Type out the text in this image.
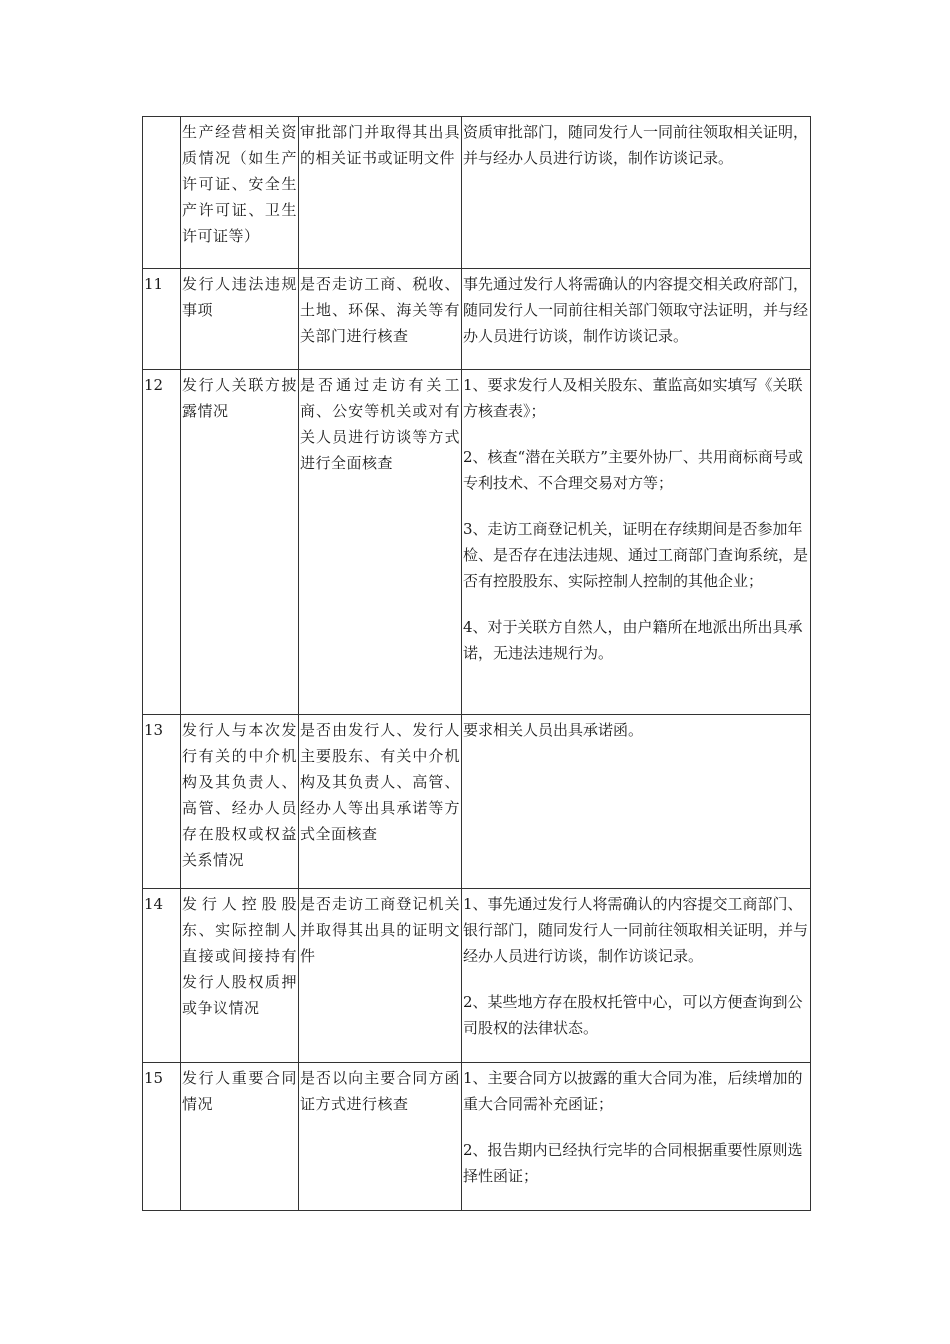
	生产经营相关资质情况（如生产许可证、安全生产许可证、卫生许可证等）	审批部门并取得其出具的相关证书或证明文件	资质审批部门，随同发行人一同前往领取相关证明，并与经办人员进行访谈，制作访谈记录。

11	发行人违法违规事项	是否走访工商、税收、土地、环保、海关等有关部门进行核查	事先通过发行人将需确认的内容提交相关政府部门，随同发行人一同前往相关部门领取守法证明，并与经办人员进行访谈，制作访谈记录。

12	发行人关联方披露情况	是否通过走访有关工商、公安等机关或对有关人员进行访谈等方式进行全面核查	1、要求发行人及相关股东、董监高如实填写《关联方核查表》；

2、核查“潜在关联方”主要外协厂、共用商标商号或专利技术、不合理交易对方等；

3、走访工商登记机关，证明在存续期间是否参加年检、是否存在违法违规、通过工商部门查询系统，是否有控股股东、实际控制人控制的其他企业；

4、对于关联方自然人，由户籍所在地派出所出具承诺，无违法违规行为。

13	发行人与本次发行有关的中介机构及其负责人、高管、经办人员存在股权或权益关系情况	是否由发行人、发行人主要股东、有关中介机构及其负责人、高管、经办人等出具承诺等方式全面核查	要求相关人员出具承诺函。

14	发行人控股股东、实际控制人直接或间接持有发行人股权质押或争议情况	是否走访工商登记机关并取得其出具的证明文件	1、事先通过发行人将需确认的内容提交工商部门、银行部门，随同发行人一同前往领取相关证明，并与经办人员进行访谈，制作访谈记录。

2、某些地方存在股权托管中心，可以方便查询到公司股权的法律状态。

15	发行人重要合同情况	是否以向主要合同方函证方式进行核查	1、主要合同方以披露的重大合同为准，后续增加的重大合同需补充函证；

2、报告期内已经执行完毕的合同根据重要性原则选择性函证；
